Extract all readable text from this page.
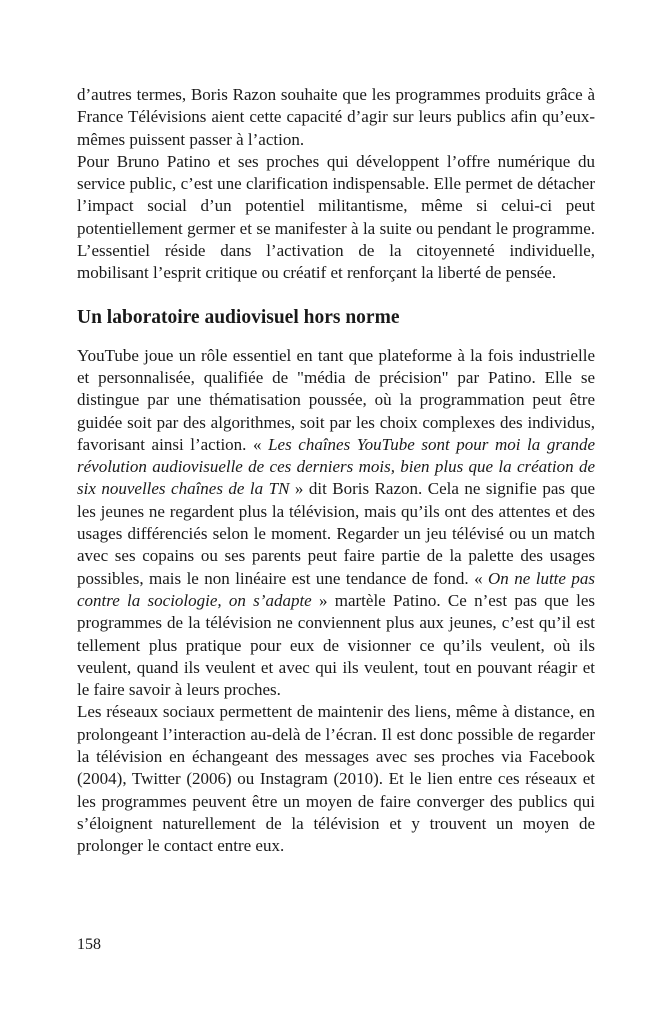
d’autres termes, Boris Razon souhaite que les programmes produits grâce à France Télévisions aient cette capacité d’agir sur leurs publics afin qu’eux-mêmes puissent passer à l’action.

Pour Bruno Patino et ses proches qui développent l’offre numérique du service public, c’est une clarification indispensable. Elle permet de détacher l’impact social d’un potentiel militantisme, même si celui-ci peut potentiellement germer et se manifester à la suite ou pendant le programme. L’essentiel réside dans l’activation de la citoyenneté individuelle, mobilisant l’esprit critique ou créatif et renforçant la liberté de pensée.

Un laboratoire audiovisuel hors norme

YouTube joue un rôle essentiel en tant que plateforme à la fois industrielle et personnalisée, qualifiée de "média de précision" par Patino. Elle se distingue par une thématisation poussée, où la programmation peut être guidée soit par des algorithmes, soit par les choix complexes des individus, favorisant ainsi l’action. « Les chaînes YouTube sont pour moi la grande révolution audiovisuelle de ces derniers mois, bien plus que la création de six nouvelles chaînes de la TN » dit Boris Razon. Cela ne signifie pas que les jeunes ne regardent plus la télévision, mais qu’ils ont des attentes et des usages différenciés selon le moment. Regarder un jeu télévisé ou un match avec ses copains ou ses parents peut faire partie de la palette des usages possibles, mais le non linéaire est une tendance de fond. « On ne lutte pas contre la sociologie, on s’adapte » martèle Patino. Ce n’est pas que les programmes de la télévision ne conviennent plus aux jeunes, c’est qu’il est tellement plus pratique pour eux de visionner ce qu’ils veulent, où ils veulent, quand ils veulent et avec qui ils veulent, tout en pouvant réagir et le faire savoir à leurs proches.

Les réseaux sociaux permettent de maintenir des liens, même à distance, en prolongeant l’interaction au-delà de l’écran. Il est donc possible de regarder la télévision en échangeant des messages avec ses proches via Facebook (2004), Twitter (2006) ou Instagram (2010). Et le lien entre ces réseaux et les programmes peuvent être un moyen de faire converger des publics qui s’éloignent naturellement de la télévision et y trouvent un moyen de prolonger le contact entre eux.

158
